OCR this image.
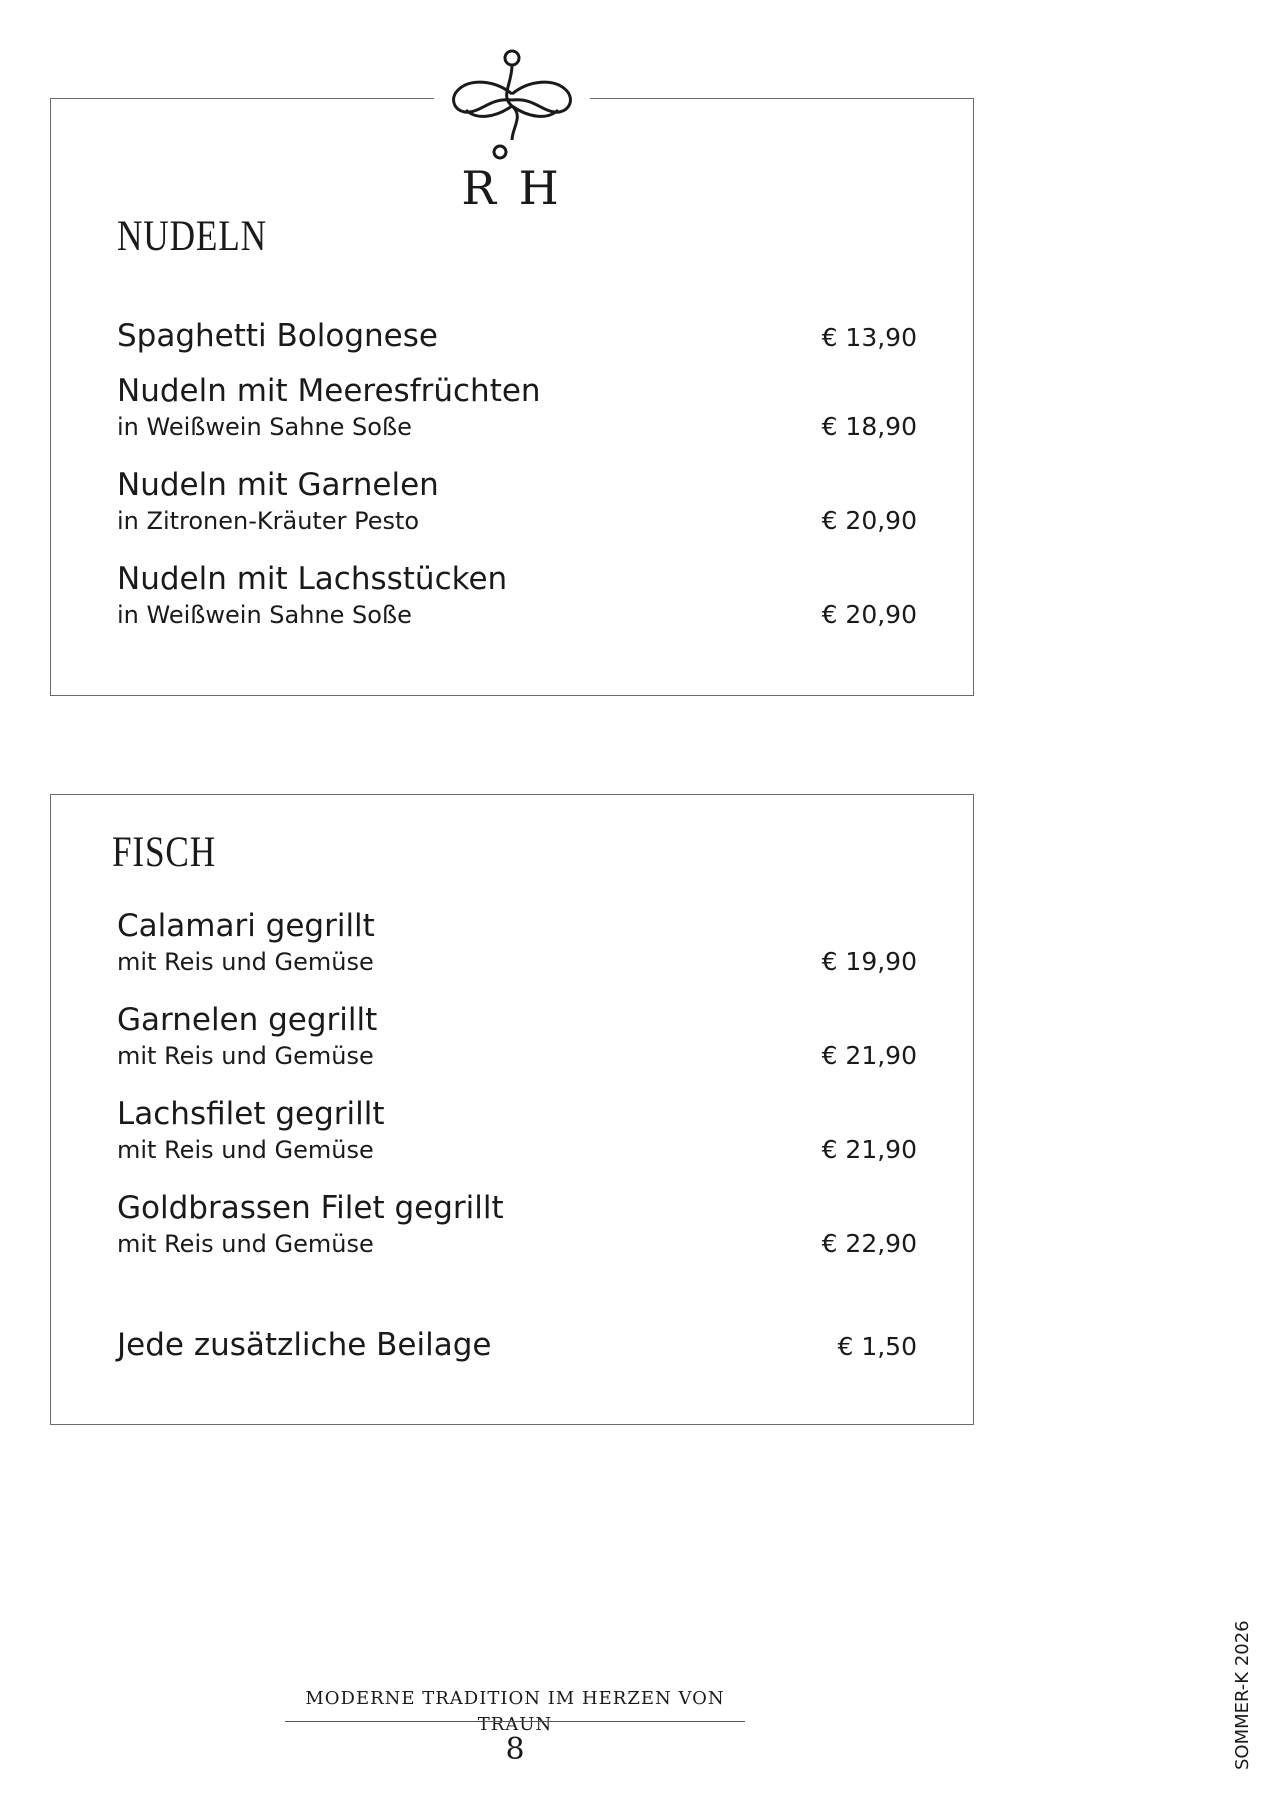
R H
NUDELN
Spaghetti Bolognese	€ 13,90
Nudeln mit Meeresfrüchten
in Weißwein Sahne Soße	€ 18,90
Nudeln mit Garnelen
in Zitronen-Kräuter Pesto	€ 20,90
Nudeln mit Lachsstücken
in Weißwein Sahne Soße	€ 20,90
FISCH
Calamari gegrillt
mit Reis und Gemüse	€ 19,90
Garnelen gegrillt
mit Reis und Gemüse	€ 21,90
Lachsfilet gegrillt
mit Reis und Gemüse	€ 21,90
Goldbrassen Filet gegrillt
mit Reis und Gemüse	€ 22,90
Jede zusätzliche Beilage	€ 1,50
MODERNE TRADITION IM HERZEN VON TRAUN
8	SOMMER-K 2026
